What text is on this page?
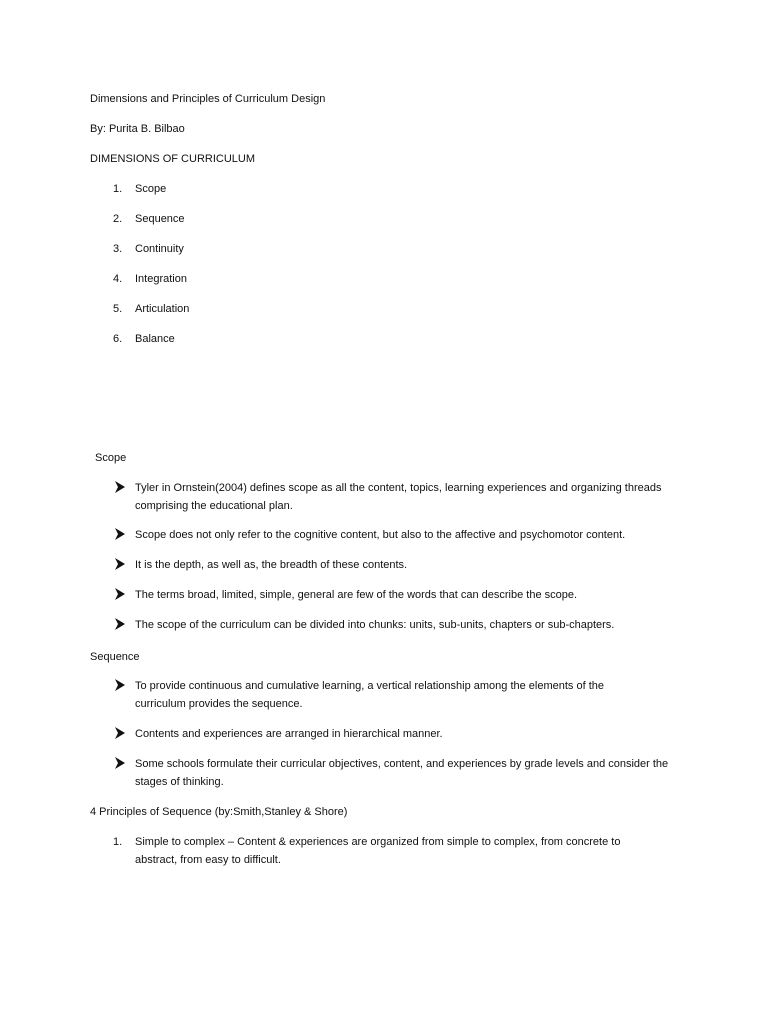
Dimensions and Principles of Curriculum Design
By: Purita B. Bilbao
DIMENSIONS OF CURRICULUM
1. Scope
2. Sequence
3. Continuity
4. Integration
5. Articulation
6. Balance
Scope
Tyler in Ornstein(2004) defines scope as all the content, topics, learning experiences and organizing threads comprising the educational plan.
Scope does not only refer to the cognitive content, but also to the affective and psychomotor content.
It is the depth, as well as, the breadth of these contents.
The terms broad, limited, simple, general are few of the words that can describe the scope.
The scope of the curriculum can be divided into chunks: units, sub-units, chapters or sub-chapters.
Sequence
To provide continuous and cumulative learning, a vertical relationship among the elements of the curriculum provides the sequence.
Contents and experiences are arranged in hierarchical manner.
Some schools formulate their curricular objectives, content, and experiences by grade levels and consider the stages of thinking.
4 Principles of Sequence (by:Smith,Stanley & Shore)
1. Simple to complex – Content & experiences are organized from simple to complex, from concrete to abstract, from easy to difficult.
